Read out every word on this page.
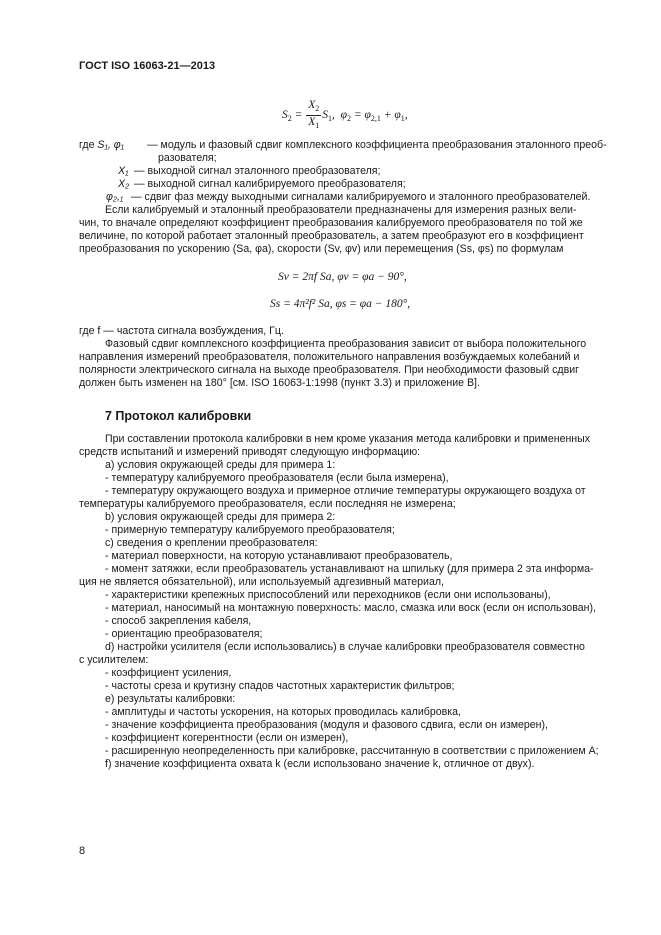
ГОСТ ISO 16063-21—2013
$S_2 = \frac{X_2}{X_1} S_1$,  $\varphi_2 = \varphi_{2,1} + \varphi_1$,
где S₁, φ₁ — модуль и фазовый сдвиг комплексного коэффициента преобразования эталонного преоб-
разователя;
X₁ — выходной сигнал эталонного преобразователя;
X₂ — выходной сигнал калибрируемого преобразователя;
φ₂,₁ — сдвиг фаз между выходными сигналами калибрируемого и эталонного преобразователей.
Если калибруемый и эталонный преобразователи предназначены для измерения разных вели-
чин, то вначале определяют коэффициент преобразования калибруемого преобразователя по той же
величине, по которой работает эталонный преобразователь, а затем преобразуют его в коэффициент
преобразования по ускорению (Sa, φa), скорости (Sv, φv) или перемещения (Ss, φs) по формулам
Sv = 2πf Sa, φv = φa − 90°,
Ss = 4π²f² Sa, φs = φa − 180°,
где f — частота сигнала возбуждения, Гц.
Фазовый сдвиг комплексного коэффициента преобразования зависит от выбора положительного
направления измерений преобразователя, положительного направления возбуждаемых колебаний и
полярности электрического сигнала на выходе преобразователя. При необходимости фазовый сдвиг
должен быть изменен на 180° [см. ISO 16063-1:1998 (пункт 3.3) и приложение В].
7 Протокол калибровки
При составлении протокола калибровки в нем кроме указания метода калибровки и примененных
средств испытаний и измерений приводят следующую информацию:
а) условия окружающей среды для примера 1:
- температуру калибруемого преобразователя (если была измерена),
- температуру окружающего воздуха и примерное отличие температуры окружающего воздуха от
температуры калибруемого преобразователя, если последняя не измерена;
b) условия окружающей среды для примера 2:
- примерную температуру калибруемого преобразователя;
с) сведения о креплении преобразователя:
- материал поверхности, на которую устанавливают преобразователь,
- момент затяжки, если преобразователь устанавливают на шпильку (для примера 2 эта информа-
ция не является обязательной), или используемый адгезивный материал,
- характеристики крепежных приспособлений или переходников (если они использованы),
- материал, наносимый на монтажную поверхность: масло, смазка или воск (если он использован),
- способ закрепления кабеля,
- ориентацию преобразователя;
d) настройки усилителя (если использовались) в случае калибровки преобразователя совместно
с усилителем:
- коэффициент усиления,
- частоты среза и крутизну спадов частотных характеристик фильтров;
е) результаты калибровки:
- амплитуды и частоты ускорения, на которых проводилась калибровка,
- значение коэффициента преобразования (модуля и фазового сдвига, если он измерен),
- коэффициент когерентности (если он измерен),
- расширенную неопределенность при калибровке, рассчитанную в соответствии с приложением А;
f) значение коэффициента охвата k (если использовано значение k, отличное от двух).
8
